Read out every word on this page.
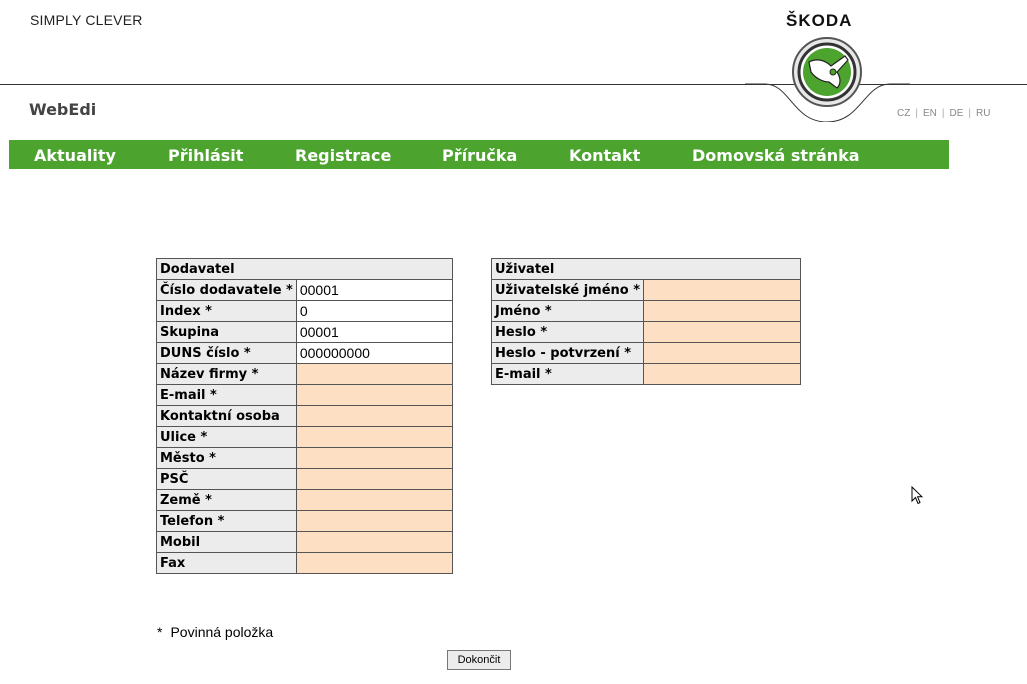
SIMPLY CLEVER	ŠKODA
WebEdi	CZ | EN | DE | RU
Aktuality	Přihlásit	Registrace	Příručka	Kontakt	Domovská stránka
Dodavatel	
Číslo dodavatele *	00001
Index *	0
Skupina	00001
DUNS číslo *	000000000
Název firmy *	
E-mail *	
Kontaktní osoba	
Ulice *	
Město *	
PSČ	
Země *	
Telefon *	
Mobil	
Fax	
Uživatel	
Uživatelské jméno *	
Jméno *	
Heslo *	
Heslo - potvrzení *	
E-mail *	
* Povinná položka
Dokončit
